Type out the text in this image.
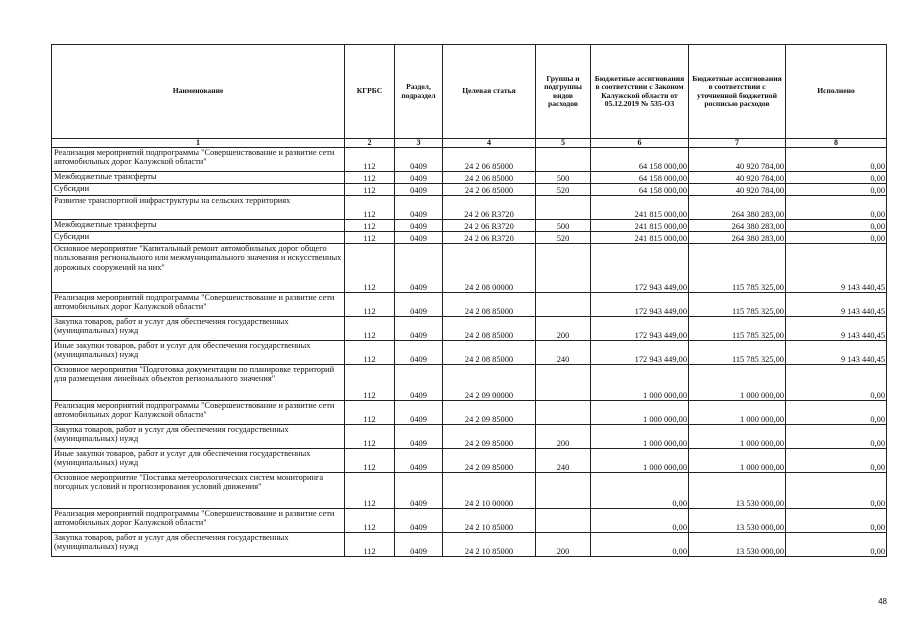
Наименование	КГРБС	Раздел, подраздел	Целевая статья	Группы и подгруппы видов расходов	Бюджетные ассигнования в соответствии с Законом Калужской области от 05.12.2019 № 535-ОЗ	Бюджетные ассигнования в соответствии с уточненной бюджетной росписью расходов	Исполнено
1	2	3	4	5	6	7	8
Реализация мероприятий подпрограммы "Совершенствование и развитие сети автомобильных дорог Калужской области"	112	0409	24 2 06 85000		64 158 000,00	40 920 784,00	0,00
Межбюджетные трансферты	112	0409	24 2 06 85000	500	64 158 000,00	40 920 784,00	0,00
Субсидии	112	0409	24 2 06 85000	520	64 158 000,00	40 920 784,00	0,00
Развитие транспортной инфраструктуры на сельских территориях	112	0409	24 2 06 R3720		241 815 000,00	264 380 283,00	0,00
Межбюджетные трансферты	112	0409	24 2 06 R3720	500	241 815 000,00	264 380 283,00	0,00
Субсидии	112	0409	24 2 06 R3720	520	241 815 000,00	264 380 283,00	0,00
Основное мероприятие "Капитальный ремонт автомобильных дорог общего пользования регионального или межмуниципального значения и искусственных дорожных сооружений на них"	112	0409	24 2 08 00000		172 943 449,00	115 785 325,00	9 143 440,45
Реализация мероприятий подпрограммы "Совершенствование и развитие сети автомобильных дорог Калужской области"	112	0409	24 2 08 85000		172 943 449,00	115 785 325,00	9 143 440,45
Закупка товаров, работ и услуг для обеспечения государственных (муниципальных) нужд	112	0409	24 2 08 85000	200	172 943 449,00	115 785 325,00	9 143 440,45
Иные закупки товаров, работ и услуг для обеспечения государственных (муниципальных) нужд	112	0409	24 2 08 85000	240	172 943 449,00	115 785 325,00	9 143 440,45
Основное мероприятия "Подготовка документации по планировке территорий для размещения линейных объектов регионального значения"	112	0409	24 2 09 00000		1 000 000,00	1 000 000,00	0,00
Реализация мероприятий подпрограммы "Совершенствование и развитие сети автомобильных дорог Калужской области"	112	0409	24 2 09 85000		1 000 000,00	1 000 000,00	0,00
Закупка товаров, работ и услуг для обеспечения государственных (муниципальных) нужд	112	0409	24 2 09 85000	200	1 000 000,00	1 000 000,00	0,00
Иные закупки товаров, работ и услуг для обеспечения государственных (муниципальных) нужд	112	0409	24 2 09 85000	240	1 000 000,00	1 000 000,00	0,00
Основное мероприятие "Поставка метеорологических систем мониторинга погодных условий и прогнозирования условий движения"	112	0409	24 2 10 00000		0,00	13 530 000,00	0,00
Реализация мероприятий подпрограммы "Совершенствование и развитие сети автомобильных дорог Калужской области"	112	0409	24 2 10 85000		0,00	13 530 000,00	0,00
Закупка товаров, работ и услуг для обеспечения государственных (муниципальных) нужд	112	0409	24 2 10 85000	200	0,00	13 530 000,00	0,00
48
